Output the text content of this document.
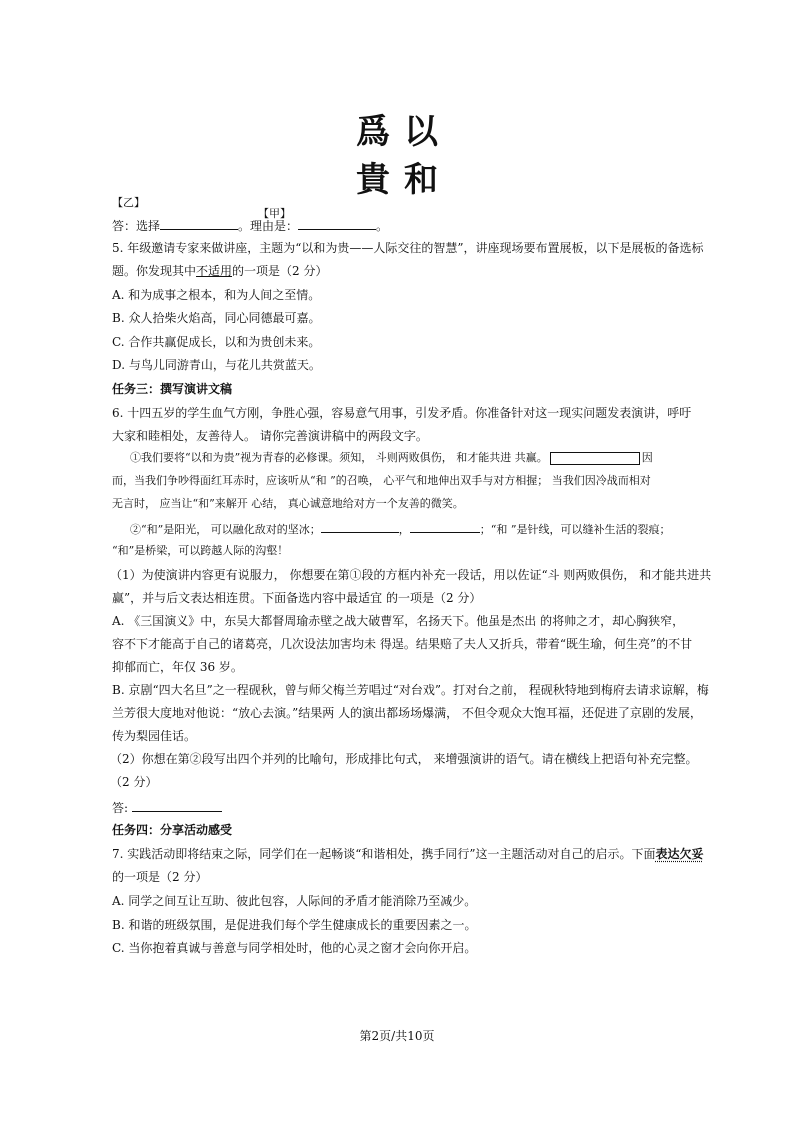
爲以
貴和
【乙】
【甲】
答：选择	。理由是：	。
5. 年级邀请专家来做讲座，主题为“以和为贵——人际交往的智慧”，讲座现场要布置展板，以下是展板的备选标
题。你发现其中不适用的一项是（2 分）
A. 和为成事之根本，和为人间之至情。
B. 众人拾柴火焰高，同心同德最可嘉。
C. 合作共赢促成长，以和为贵创未来。
D. 与鸟儿同游青山，与花儿共赏蓝天。
任务三：撰写演讲文稿
6. 十四五岁的学生血气方刚，争胜心强，容易意气用事，引发矛盾。你准备针对这一现实问题发表演讲，呼吁
大家和睦相处，友善待人。 请你完善演讲稿中的两段文字。
①我们要将“以和为贵”视为青春的必修课。须知， 斗则两败俱伤， 和才能共进 共赢。	因
而，当我们争吵得面红耳赤时，应该听从“和 ”的召唤， 心平气和地伸出双手与对方相握； 当我们因冷战而相对
无言时， 应当让“和”来解开 心结， 真心诚意地给对方一个友善的微笑。
②“和”是阳光， 可以融化敌对的坚冰；	，	；“和 ”是针线，可以缝补生活的裂痕；
“和”是桥梁，可以跨越人际的沟壑！
（1）为使演讲内容更有说服力， 你想要在第①段的方框内补充一段话，用以佐证“斗 则两败俱伤， 和才能共进共
赢”，并与后文表达相连贯。下面备选内容中最适宜 的一项是（2 分）
A. 《三国演义》中，东吴大都督周瑜赤壁之战大破曹军，名扬天下。他虽是杰出 的将帅之才，却心胸狭窄，
容不下才能高于自己的诸葛亮，几次设法加害均未 得逞。结果赔了夫人又折兵，带着“既生瑜，何生亮”的不甘
抑郁而亡，年仅 36 岁。
B. 京剧“四大名旦”之一程砚秋，曾与师父梅兰芳唱过“对台戏”。打对台之前， 程砚秋特地到梅府去请求谅解，梅
兰芳很大度地对他说：“放心去演。”结果两 人的演出都场场爆满， 不但令观众大饱耳福，还促进了京剧的发展，
传为梨园佳话。
（2）你想在第②段写出四个并列的比喻句，形成排比句式， 来增强演讲的语气。请在横线上把语句补充完整。
（2 分）
答:
任务四：分享活动感受
7. 实践活动即将结束之际，同学们在一起畅谈“和谐相处，携手同行”这一主题活动对自己的启示。下面表达欠妥
的一项是（2 分）
A. 同学之间互让互助、彼此包容，人际间的矛盾才能消除乃至减少。
B. 和谐的班级氛围，是促进我们每个学生健康成长的重要因素之一。
C. 当你抱着真诚与善意与同学相处时，他的心灵之窗才会向你开启。
第2页/共10页
